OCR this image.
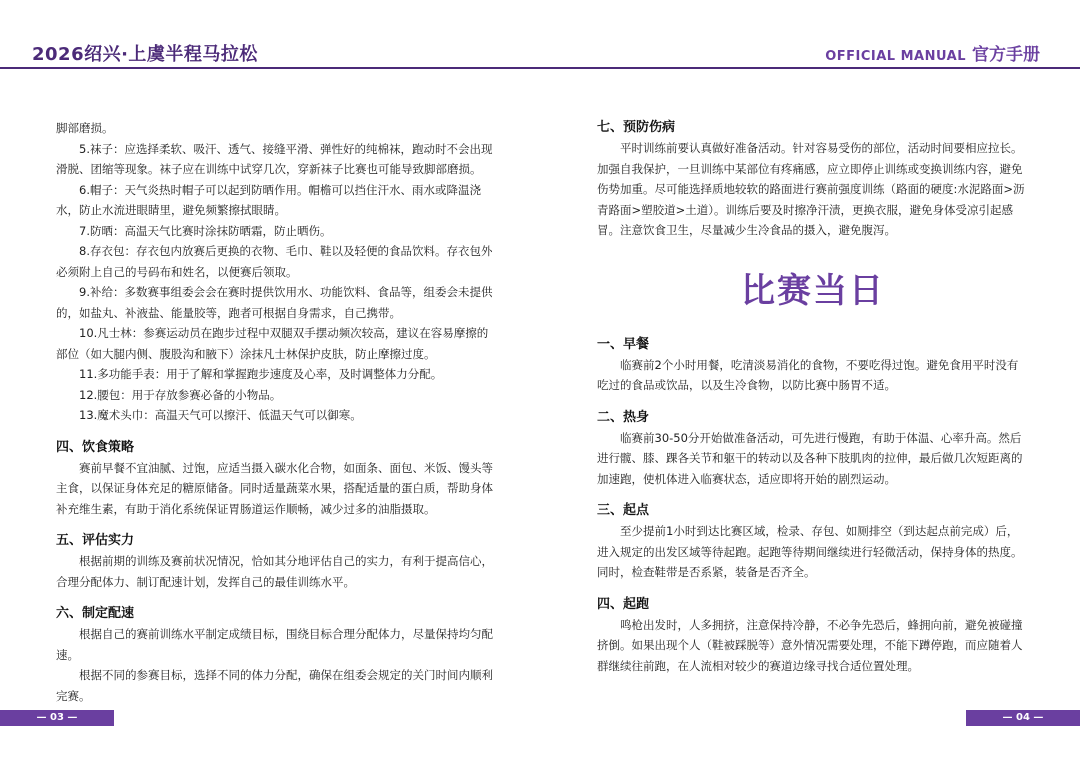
2026绍兴·上虞半程马拉松	OFFICIAL MANUAL 官方手册

脚部磨损。

5.袜子：应选择柔软、吸汗、透气、接缝平滑、弹性好的纯棉袜，跑动时不会出现滑脱、团缩等现象。袜子应在训练中试穿几次，穿新袜子比赛也可能导致脚部磨损。

6.帽子：天气炎热时帽子可以起到防晒作用。帽檐可以挡住汗水、雨水或降温浇水，防止水流进眼睛里，避免频繁擦拭眼睛。

7.防晒：高温天气比赛时涂抹防晒霜，防止晒伤。

8.存衣包：存衣包内放赛后更换的衣物、毛巾、鞋以及轻便的食品饮料。存衣包外必须附上自己的号码布和姓名，以便赛后领取。

9.补给：多数赛事组委会会在赛时提供饮用水、功能饮料、食品等，组委会未提供的，如盐丸、补液盐、能量胶等，跑者可根据自身需求，自己携带。

10.凡士林：参赛运动员在跑步过程中双腿双手摆动频次较高，建议在容易摩擦的部位（如大腿内侧、腹股沟和腋下）涂抹凡士林保护皮肤，防止摩擦过度。

11.多功能手表：用于了解和掌握跑步速度及心率，及时调整体力分配。

12.腰包：用于存放参赛必备的小物品。

13.魔术头巾：高温天气可以擦汗、低温天气可以御寒。

四、饮食策略

赛前早餐不宜油腻、过饱，应适当摄入碳水化合物，如面条、面包、米饭、馒头等主食，以保证身体充足的糖原储备。同时适量蔬菜水果，搭配适量的蛋白质，帮助身体补充维生素，有助于消化系统保证胃肠道运作顺畅，减少过多的油脂摄取。

五、评估实力

根据前期的训练及赛前状况情况，恰如其分地评估自己的实力，有利于提高信心，合理分配体力、制订配速计划，发挥自己的最佳训练水平。

六、制定配速

根据自己的赛前训练水平制定成绩目标，围绕目标合理分配体力，尽量保持均匀配速。

根据不同的参赛目标，选择不同的体力分配，确保在组委会规定的关门时间内顺利完赛。

七、预防伤病

平时训练前要认真做好准备活动。针对容易受伤的部位，活动时间要相应拉长。加强自我保护，一旦训练中某部位有疼痛感，应立即停止训练或变换训练内容，避免伤势加重。尽可能选择质地较软的路面进行赛前强度训练（路面的硬度:水泥路面>沥青路面>塑胶道>土道）。训练后要及时擦净汗渍，更换衣服，避免身体受凉引起感冒。注意饮食卫生，尽量减少生冷食品的摄入，避免腹泻。

比赛当日
一、早餐

临赛前2个小时用餐，吃清淡易消化的食物，不要吃得过饱。避免食用平时没有吃过的食品或饮品，以及生冷食物，以防比赛中肠胃不适。

二、热身

临赛前30-50分开始做准备活动，可先进行慢跑，有助于体温、心率升高。然后进行髋、膝、踝各关节和躯干的转动以及各种下肢肌肉的拉伸，最后做几次短距离的加速跑，使机体进入临赛状态，适应即将开始的剧烈运动。

三、起点

至少提前1小时到达比赛区域，检录、存包、如厕排空（到达起点前完成）后，进入规定的出发区域等待起跑。起跑等待期间继续进行轻微活动，保持身体的热度。同时，检查鞋带是否系紧，装备是否齐全。

四、起跑

鸣枪出发时，人多拥挤，注意保持冷静，不必争先恐后，蜂拥向前，避免被碰撞挤倒。如果出现个人（鞋被踩脱等）意外情况需要处理，不能下蹲停跑，而应随着人群继续往前跑，在人流相对较少的赛道边缘寻找合适位置处理。

— 03 —	— 04 —
